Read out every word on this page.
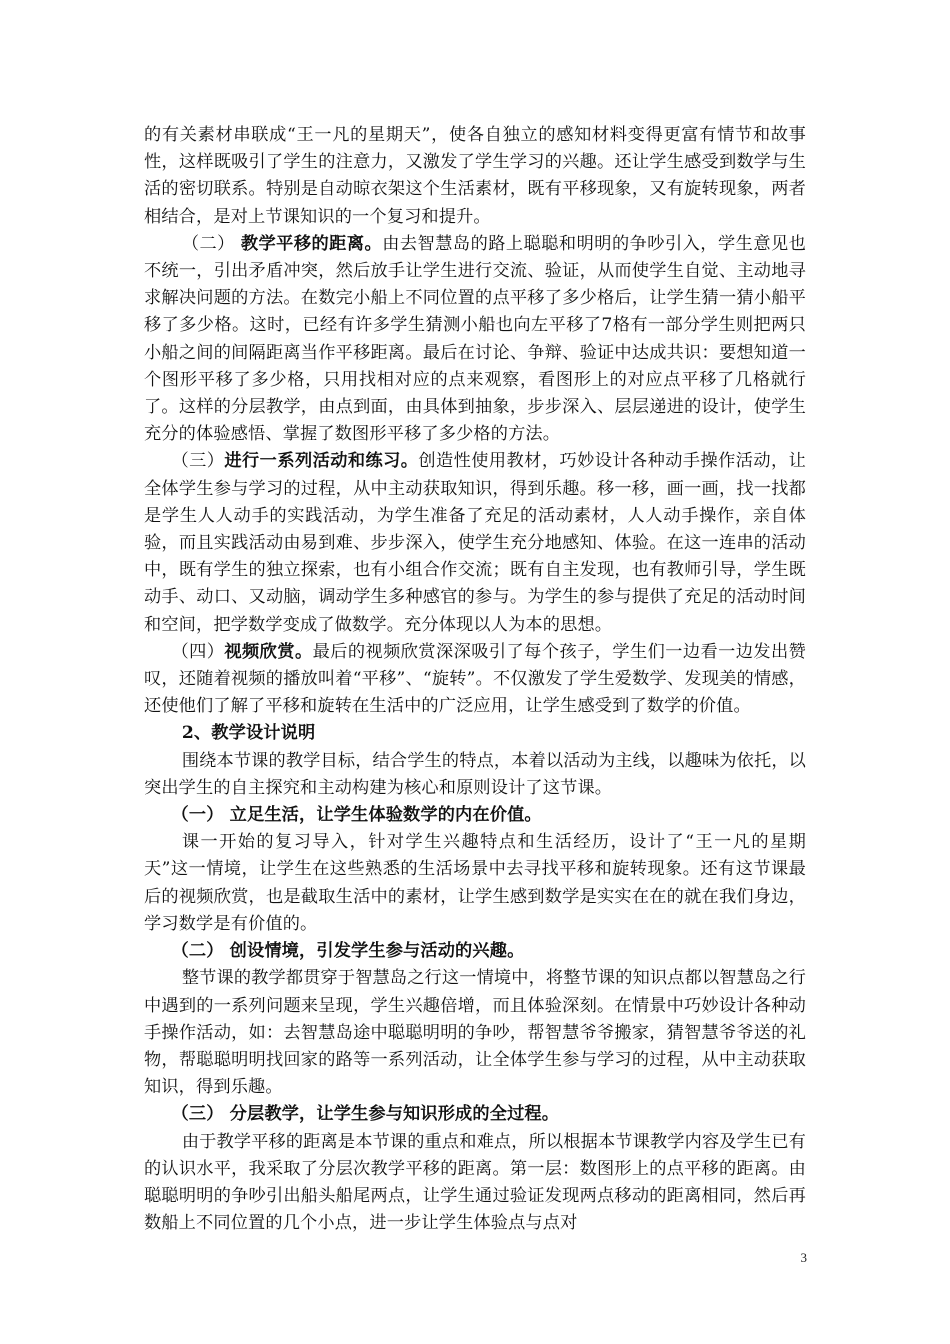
的有关素材串联成“王一凡的星期天”，使各自独立的感知材料变得更富有情节和故事性，这样既吸引了学生的注意力，又激发了学生学习的兴趣。还让学生感受到数学与生活的密切联系。特别是自动晾衣架这个生活素材，既有平移现象，又有旋转现象，两者相结合，是对上节课知识的一个复习和提升。

（二） 教学平移的距离。由去智慧岛的路上聪聪和明明的争吵引入，学生意见也不统一，引出矛盾冲突，然后放手让学生进行交流、验证，从而使学生自觉、主动地寻求解决问题的方法。在数完小船上不同位置的点平移了多少格后，让学生猜一猜小船平移了多少格。这时，已经有许多学生猜测小船也向左平移了7格有一部分学生则把两只小船之间的间隔距离当作平移距离。最后在讨论、争辩、验证中达成共识：要想知道一个图形平移了多少格，只用找相对应的点来观察，看图形上的对应点平移了几格就行了。这样的分层教学，由点到面，由具体到抽象，步步深入、层层递进的设计，使学生充分的体验感悟、掌握了数图形平移了多少格的方法。

（三）进行一系列活动和练习。创造性使用教材，巧妙设计各种动手操作活动，让全体学生参与学习的过程，从中主动获取知识，得到乐趣。移一移，画一画，找一找都是学生人人动手的实践活动，为学生准备了充足的活动素材，人人动手操作，亲自体验，而且实践活动由易到难、步步深入，使学生充分地感知、体验。在这一连串的活动中，既有学生的独立探索，也有小组合作交流；既有自主发现，也有教师引导，学生既动手、动口、又动脑，调动学生多种感官的参与。为学生的参与提供了充足的活动时间和空间，把学数学变成了做数学。充分体现以人为本的思想。

（四）视频欣赏。最后的视频欣赏深深吸引了每个孩子，学生们一边看一边发出赞叹，还随着视频的播放叫着“平移”、“旋转”。不仅激发了学生爱数学、发现美的情感，还使他们了解了平移和旋转在生活中的广泛应用，让学生感受到了数学的价值。

2、教学设计说明

围绕本节课的教学目标，结合学生的特点，本着以活动为主线，以趣味为依托，以突出学生的自主探究和主动构建为核心和原则设计了这节课。

（一） 立足生活，让学生体验数学的内在价值。

课一开始的复习导入，针对学生兴趣特点和生活经历，设计了“王一凡的星期天”这一情境，让学生在这些熟悉的生活场景中去寻找平移和旋转现象。还有这节课最后的视频欣赏，也是截取生活中的素材，让学生感到数学是实实在在的就在我们身边，学习数学是有价值的。

（二） 创设情境，引发学生参与活动的兴趣。

整节课的教学都贯穿于智慧岛之行这一情境中，将整节课的知识点都以智慧岛之行中遇到的一系列问题来呈现，学生兴趣倍增，而且体验深刻。在情景中巧妙设计各种动手操作活动，如：去智慧岛途中聪聪明明的争吵，帮智慧爷爷搬家，猜智慧爷爷送的礼物，帮聪聪明明找回家的路等一系列活动，让全体学生参与学习的过程，从中主动获取知识，得到乐趣。

（三） 分层教学，让学生参与知识形成的全过程。

由于教学平移的距离是本节课的重点和难点，所以根据本节课教学内容及学生已有的认识水平，我采取了分层次教学平移的距离。第一层：数图形上的点平移的距离。由聪聪明明的争吵引出船头船尾两点，让学生通过验证发现两点移动的距离相同，然后再数船上不同位置的几个小点，进一步让学生体验点与点对

3
